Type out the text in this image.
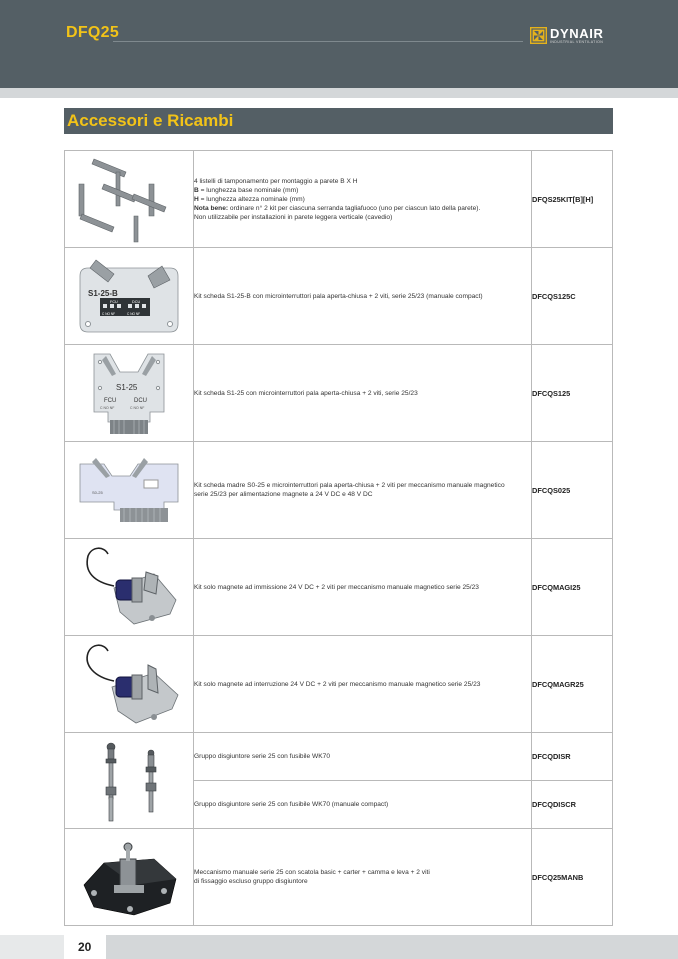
DFQ25	DYNAIR
INDUSTRIAL VENTILATION
Accessori e Ricambi

4 listelli di tamponamento per montaggio a parete B X H
B = lunghezza base nominale (mm)
H = lunghezza altezza nominale (mm)
Nota bene: ordinare n° 2 kit per ciascuna serranda tagliafuoco (uno per ciascun lato della parete).
Non utilizzabile per installazioni in parete leggera verticale (cavedio)	DFQS25KIT[B][H]

S1-25-B
FCU DCU
C NO NF C NO NF	Kit scheda S1-25-B con microinterruttori pala aperta-chiusa + 2 viti, serie 25/23 (manuale compact)	DFCQS125C

S1-25
FCU DCU
C NO NF C NO NF	Kit scheda S1-25 con microinterruttori pala aperta-chiusa + 2 viti, serie 25/23	DFCQS125

S0-25	Kit scheda madre S0-25 e microinterruttori pala aperta-chiusa + 2 viti per meccanismo manuale magnetico
serie 25/23 per alimentazione magnete a 24 V DC e 48 V DC	DFCQS025

	Kit solo magnete ad immissione 24 V DC + 2 viti per meccanismo manuale magnetico serie 25/23	DFCQMAGI25

	Kit solo magnete ad interruzione 24 V DC + 2 viti per meccanismo manuale magnetico serie 25/23	DFCQMAGR25

	Gruppo disgiuntore serie 25 con fusibile WK70	DFCQDISR
	Gruppo disgiuntore serie 25 con fusibile WK70 (manuale compact)	DFCQDISCR

Meccanismo manuale serie 25 con scatola basic + carter + camma e leva + 2 viti
di fissaggio escluso gruppo disgiuntore	DFCQ25MANB
20
